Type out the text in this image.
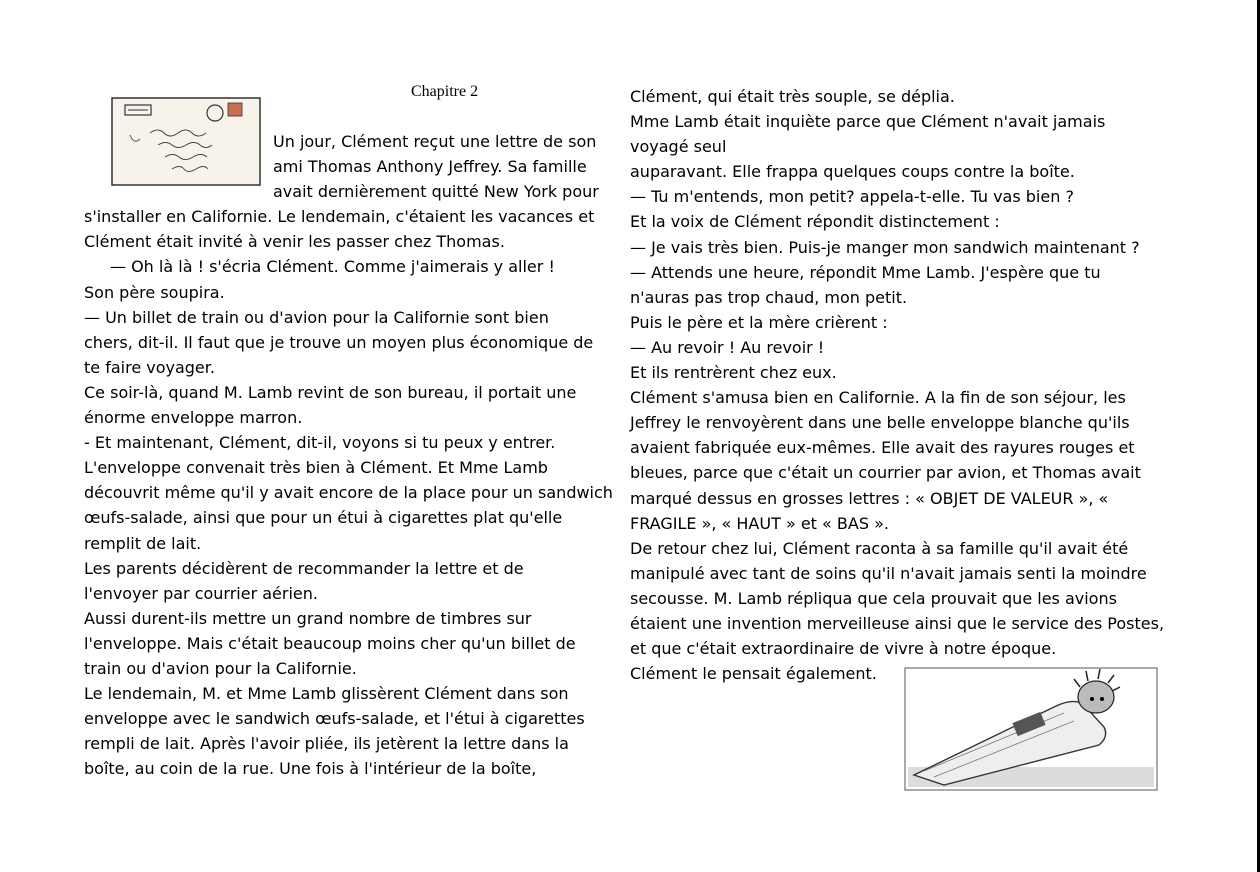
Chapitre 2
Un jour, Clément reçut une lettre de son
ami Thomas Anthony Jeffrey. Sa famille
avait dernièrement quitté New York pour
s'installer en Californie. Le lendemain, c'étaient les vacances et
Clément était invité à venir les passer chez Thomas.
— Oh là là ! s'écria Clément. Comme j'aimerais y aller !
Son père soupira.
— Un billet de train ou d'avion pour la Californie sont bien
chers, dit-il. Il faut que je trouve un moyen plus économique de
te faire voyager.
Ce soir-là, quand M. Lamb revint de son bureau, il portait une
énorme enveloppe marron.
- Et maintenant, Clément, dit-il, voyons si tu peux y entrer.
L'enveloppe convenait très bien à Clément. Et Mme Lamb
découvrit même qu'il y avait encore de la place pour un sandwich
œufs-salade, ainsi que pour un étui à cigarettes plat qu'elle
remplit de lait.
Les parents décidèrent de recommander la lettre et de
l'envoyer par courrier aérien.
Aussi durent-ils mettre un grand nombre de timbres sur
l'enveloppe. Mais c'était beaucoup moins cher qu'un billet de
train ou d'avion pour la Californie.
Le lendemain, M. et Mme Lamb glissèrent Clément dans son
enveloppe avec le sandwich œufs-salade, et l'étui à cigarettes
rempli de lait. Après l'avoir pliée, ils jetèrent la lettre dans la
boîte, au coin de la rue. Une fois à l'intérieur de la boîte,
Clément, qui était très souple, se déplia.
Mme Lamb était inquiète parce que Clément n'avait jamais
voyagé seul
auparavant. Elle frappa quelques coups contre la boîte.
— Tu m'entends, mon petit? appela-t-elle. Tu vas bien ?
Et la voix de Clément répondit distinctement :
— Je vais très bien. Puis-je manger mon sandwich maintenant ?
— Attends une heure, répondit Mme Lamb. J'espère que tu
n'auras pas trop chaud, mon petit.
Puis le père et la mère crièrent :
— Au revoir ! Au revoir !
Et ils rentrèrent chez eux.
Clément s'amusa bien en Californie. A la fin de son séjour, les
Jeffrey le renvoyèrent dans une belle enveloppe blanche qu'ils
avaient fabriquée eux-mêmes. Elle avait des rayures rouges et
bleues, parce que c'était un courrier par avion, et Thomas avait
marqué dessus en grosses lettres : « OBJET DE VALEUR », «
FRAGILE », « HAUT » et « BAS ».
De retour chez lui, Clément raconta à sa famille qu'il avait été
manipulé avec tant de soins qu'il n'avait jamais senti la moindre
secousse. M. Lamb répliqua que cela prouvait que les avions
étaient une invention merveilleuse ainsi que le service des Postes,
et que c'était extraordinaire de vivre à notre époque.
Clément le pensait également.
